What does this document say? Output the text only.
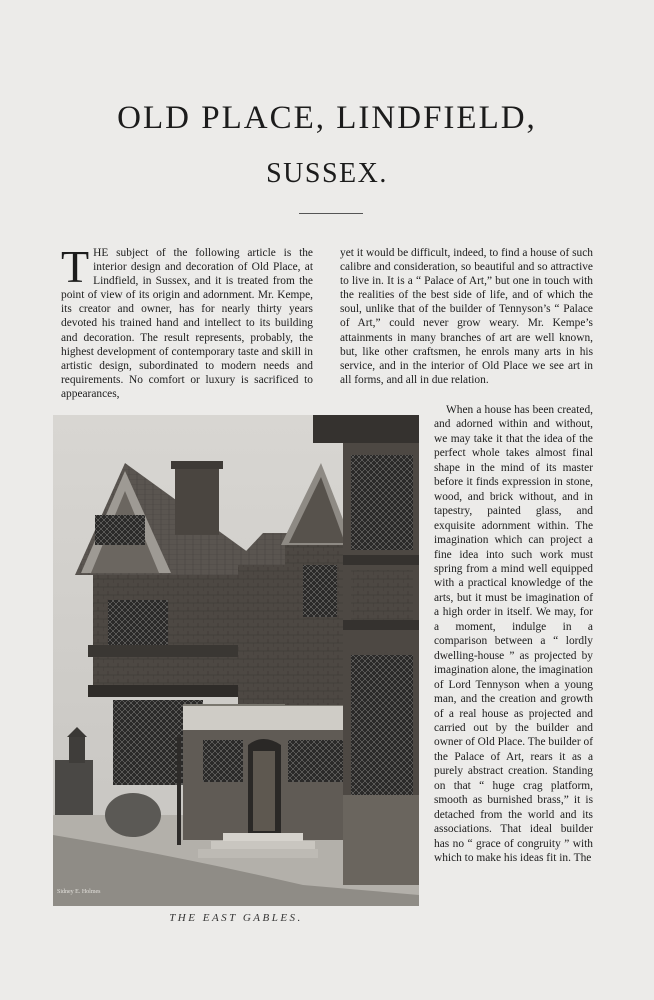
OLD PLACE, LINDFIELD,
SUSSEX.

THE subject of the following article is the interior design and decoration of Old Place, at Lindfield, in Sussex, and it is treated from the point of view of its origin and adornment. Mr. Kempe, its creator and owner, has for nearly thirty years devoted his trained hand and intellect to its building and decoration. The result represents, probably, the highest development of contemporary taste and skill in artistic design, subordinated to modern needs and requirements. No comfort or luxury is sacrificed to appearances,

yet it would be difficult, indeed, to find a house of such calibre and consideration, so beautiful and so attractive to live in. It is a “ Palace of Art,” but one in touch with the realities of the best side of life, and of which the soul, unlike that of the builder of Tennyson’s “ Palace of Art,” could never grow weary. Mr. Kempe’s attainments in many branches of art are well known, but, like other craftsmen, he enrols many arts in his service, and in the interior of Old Place we see art in all forms, and all in due relation.

When a house has been created, and adorned within and without, we may take it that the idea of the perfect whole takes almost final shape in the mind of its master before it finds expression in stone, wood, and brick without, and in tapestry, painted glass, and exquisite adornment within. The imagination which can project a fine idea into such work must spring from a mind well equipped with a practical knowledge of the arts, but it must be imagination of a high order in itself. We may, for a moment, indulge in a comparison between a “ lordly dwelling-house ” as projected by imagination alone, the imagination of Lord Tennyson when a young man, and the creation and growth of a real house as projected and carried out by the builder and owner of Old Place. The builder of the Palace of Art, rears it as a purely abstract creation. Standing on that “ huge crag platform, smooth as burnished brass,” it is detached from the world and its associations. That ideal builder has no “ grace of congruity ” with which to make his ideas fit in. The

Sidney E. Holmes
THE EAST GABLES.
